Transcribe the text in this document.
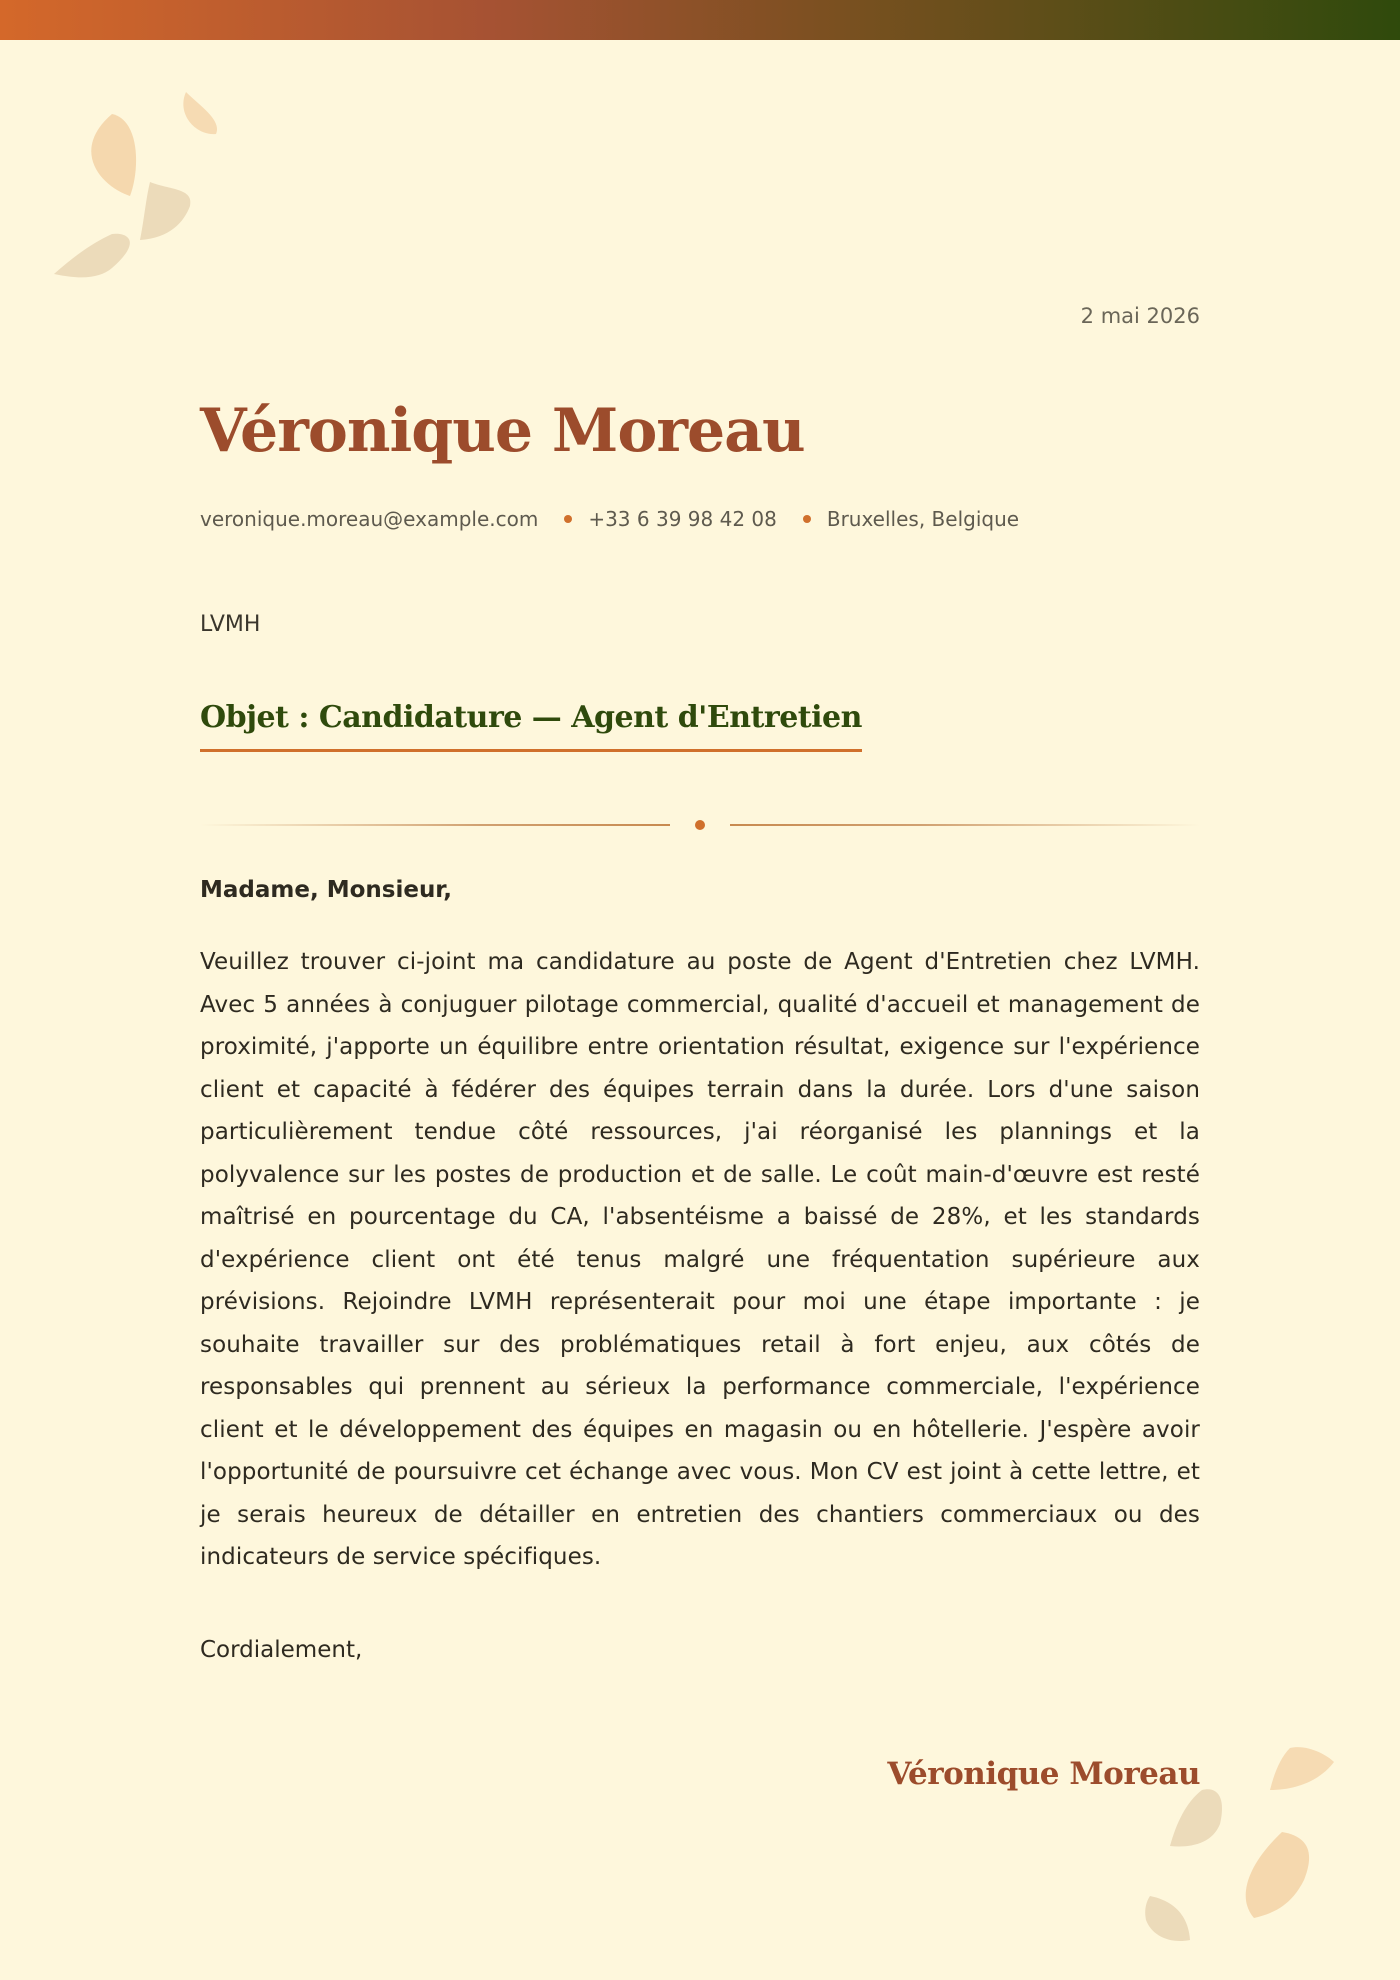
2 mai 2026
Véronique Moreau
veronique.moreau@example.com	+33 6 39 98 42 08	Bruxelles, Belgique
LVMH
Objet : Candidature — Agent d'Entretien
Madame, Monsieur,

Veuillez trouver ci-joint ma candidature au poste de Agent d'Entretien chez LVMH. Avec 5 années à conjuguer pilotage commercial, qualité d'accueil et management de proximité, j'apporte un équilibre entre orientation résultat, exigence sur l'expérience client et capacité à fédérer des équipes terrain dans la durée. Lors d'une saison particulièrement tendue côté ressources, j'ai réorganisé les plannings et la polyvalence sur les postes de production et de salle. Le coût main-d'œuvre est resté maîtrisé en pourcentage du CA, l'absentéisme a baissé de 28%, et les standards d'expérience client ont été tenus malgré une fréquentation supérieure aux prévisions. Rejoindre LVMH représenterait pour moi une étape importante : je souhaite travailler sur des problématiques retail à fort enjeu, aux côtés de responsables qui prennent au sérieux la performance commerciale, l'expérience client et le développement des équipes en magasin ou en hôtellerie. J'espère avoir l'opportunité de poursuivre cet échange avec vous. Mon CV est joint à cette lettre, et je serais heureux de détailler en entretien des chantiers commerciaux ou des indicateurs de service spécifiques.

Cordialement,
Véronique Moreau
